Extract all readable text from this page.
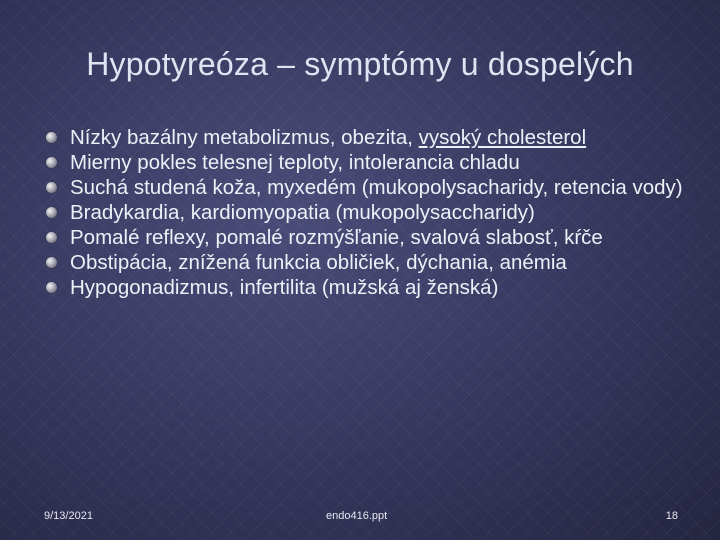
Hypotyreóza – symptómy u dospelých
Nízky bazálny metabolizmus, obezita, vysoký cholesterol
Mierny pokles telesnej teploty, intolerancia chladu
Suchá studená koža, myxedém (mukopolysacharidy, retencia vody)
Bradykardia, kardiomyopatia (mukopolysaccharidy)
Pomalé reflexy, pomalé rozmýšľanie, svalová slabosť, kŕče
Obstipácia, znížená funkcia obličiek, dýchania, anémia
Hypogonadizmus, infertilita (mužská aj ženská)
9/13/2021	endo416.ppt	18
